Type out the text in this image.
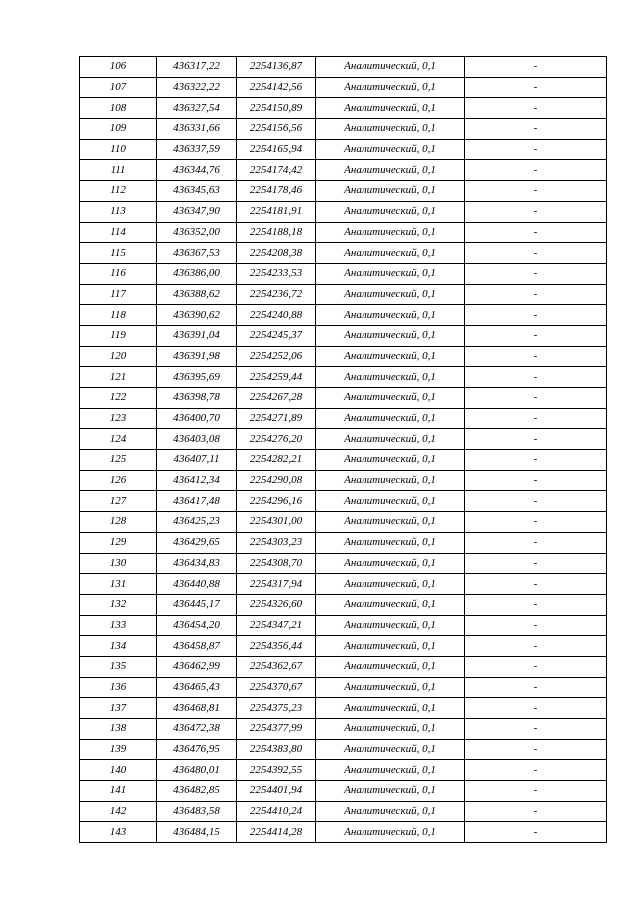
106	436317,22	2254136,87	Аналитический, 0,1	-
107	436322,22	2254142,56	Аналитический, 0,1	-
108	436327,54	2254150,89	Аналитический, 0,1	-
109	436331,66	2254156,56	Аналитический, 0,1	-
110	436337,59	2254165,94	Аналитический, 0,1	-
111	436344,76	2254174,42	Аналитический, 0,1	-
112	436345,63	2254178,46	Аналитический, 0,1	-
113	436347,90	2254181,91	Аналитический, 0,1	-
114	436352,00	2254188,18	Аналитический, 0,1	-
115	436367,53	2254208,38	Аналитический, 0,1	-
116	436386,00	2254233,53	Аналитический, 0,1	-
117	436388,62	2254236,72	Аналитический, 0,1	-
118	436390,62	2254240,88	Аналитический, 0,1	-
119	436391,04	2254245,37	Аналитический, 0,1	-
120	436391,98	2254252,06	Аналитический, 0,1	-
121	436395,69	2254259,44	Аналитический, 0,1	-
122	436398,78	2254267,28	Аналитический, 0,1	-
123	436400,70	2254271,89	Аналитический, 0,1	-
124	436403,08	2254276,20	Аналитический, 0,1	-
125	436407,11	2254282,21	Аналитический, 0,1	-
126	436412,34	2254290,08	Аналитический, 0,1	-
127	436417,48	2254296,16	Аналитический, 0,1	-
128	436425,23	2254301,00	Аналитический, 0,1	-
129	436429,65	2254303,23	Аналитический, 0,1	-
130	436434,83	2254308,70	Аналитический, 0,1	-
131	436440,88	2254317,94	Аналитический, 0,1	-
132	436445,17	2254326,60	Аналитический, 0,1	-
133	436454,20	2254347,21	Аналитический, 0,1	-
134	436458,87	2254356,44	Аналитический, 0,1	-
135	436462,99	2254362,67	Аналитический, 0,1	-
136	436465,43	2254370,67	Аналитический, 0,1	-
137	436468,81	2254375,23	Аналитический, 0,1	-
138	436472,38	2254377,99	Аналитический, 0,1	-
139	436476,95	2254383,80	Аналитический, 0,1	-
140	436480,01	2254392,55	Аналитический, 0,1	-
141	436482,85	2254401,94	Аналитический, 0,1	-
142	436483,58	2254410,24	Аналитический, 0,1	-
143	436484,15	2254414,28	Аналитический, 0,1	-
